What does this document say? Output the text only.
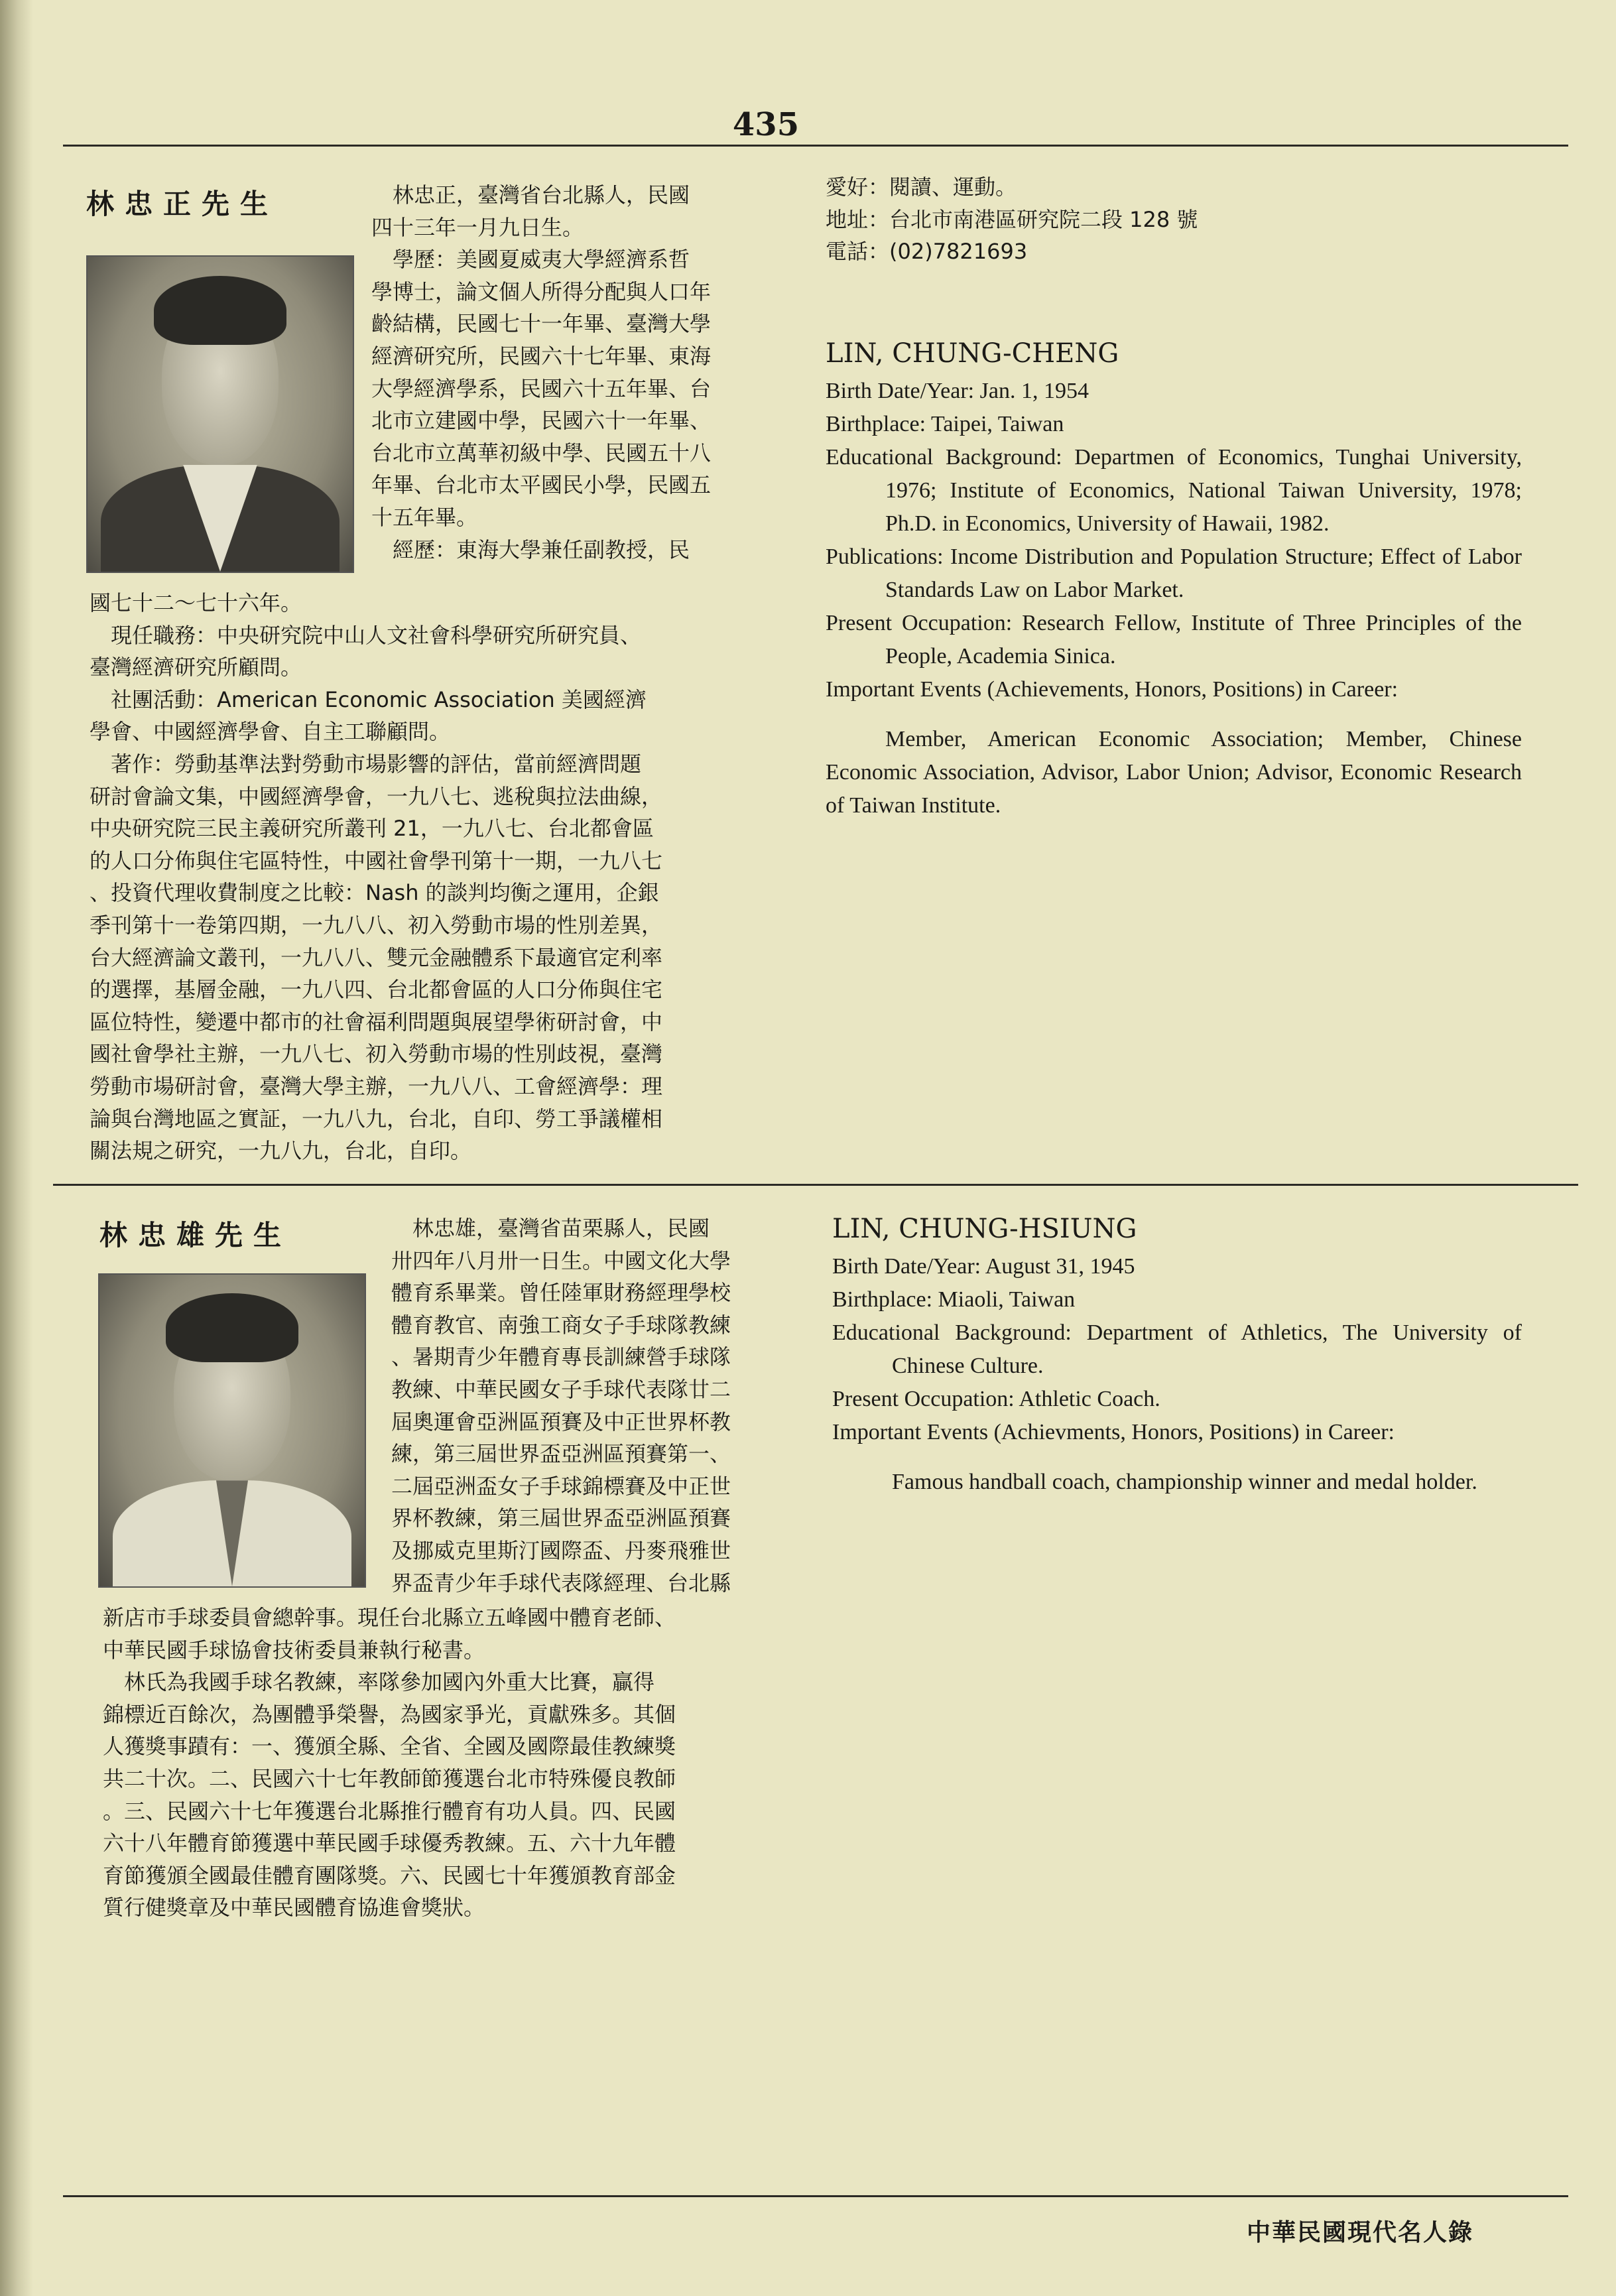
435
林忠正先生	　林忠正，臺灣省台北縣人，民國
四十三年一月九日生。
　學歷：美國夏威夷大學經濟系哲
學博士，論文個人所得分配與人口年
齡結構，民國七十一年畢、臺灣大學
經濟研究所，民國六十七年畢、東海
大學經濟學系，民國六十五年畢、台
北市立建國中學，民國六十一年畢、
台北市立萬華初級中學、民國五十八
年畢、台北市太平國民小學，民國五
十五年畢。
　經歷：東海大學兼任副教授，民
國七十二～七十六年。
　現任職務：中央研究院中山人文社會科學研究所研究員、
臺灣經濟研究所顧問。
　社團活動：American Economic Association 美國經濟
學會、中國經濟學會、自主工聯顧問。
　著作：勞動基準法對勞動市場影響的評估，當前經濟問題
研討會論文集，中國經濟學會，一九八七、逃稅與拉法曲線，
中央研究院三民主義研究所叢刊 21，一九八七、台北都會區
的人口分佈與住宅區特性，中國社會學刊第十一期，一九八七
、投資代理收費制度之比較：Nash 的談判均衡之運用，企銀
季刊第十一卷第四期，一九八八、初入勞動市場的性別差異，
台大經濟論文叢刊，一九八八、雙元金融體系下最適官定利率
的選擇，基層金融，一九八四、台北都會區的人口分佈與住宅
區位特性，變遷中都市的社會福利問題與展望學術研討會，中
國社會學社主辦，一九八七、初入勞動市場的性別歧視，臺灣
勞動市場研討會，臺灣大學主辦，一九八八、工會經濟學：理
論與台灣地區之實証，一九八九，台北，自印、勞工爭議權相
關法規之研究，一九八九，台北，自印。
愛好：閱讀、運動。
地址：台北市南港區研究院二段 128 號
電話：(02)7821693
LIN, CHUNG-CHENG

Birth Date/Year: Jan. 1, 1954

Birthplace: Taipei, Taiwan

Educational Background: Departmen of Economics, Tunghai University, 1976; Institute of Economics, National Taiwan University, 1978; Ph.D. in Economics, University of Hawaii, 1982.

Publications: Income Distribution and Population Structure; Effect of Labor Standards Law on Labor Market.

Present Occupation: Research Fellow, Institute of Three Principles of the People, Academia Sinica.

Important Events (Achievements, Honors, Positions) in Career:

Member, American Economic Association; Member, Chinese Economic Association, Advisor, Labor Union; Advisor, Economic Research of Taiwan Institute.

林忠雄先生	　林忠雄，臺灣省苗栗縣人，民國
卅四年八月卅一日生。中國文化大學
體育系畢業。曾任陸軍財務經理學校
體育教官、南強工商女子手球隊教練
、暑期青少年體育專長訓練營手球隊
教練、中華民國女子手球代表隊廿二
屆奧運會亞洲區預賽及中正世界杯教
練，第三屆世界盃亞洲區預賽第一、
二屆亞洲盃女子手球錦標賽及中正世
界杯教練，第三屆世界盃亞洲區預賽
及挪威克里斯汀國際盃、丹麥飛雅世
界盃青少年手球代表隊經理、台北縣
新店市手球委員會總幹事。現任台北縣立五峰國中體育老師、
中華民國手球協會技術委員兼執行秘書。
　林氏為我國手球名教練，率隊參加國內外重大比賽，贏得
錦標近百餘次，為團體爭榮譽，為國家爭光，貢獻殊多。其個
人獲獎事蹟有：一、獲頒全縣、全省、全國及國際最佳教練獎
共二十次。二、民國六十七年教師節獲選台北市特殊優良教師
。三、民國六十七年獲選台北縣推行體育有功人員。四、民國
六十八年體育節獲選中華民國手球優秀教練。五、六十九年體
育節獲頒全國最佳體育團隊獎。六、民國七十年獲頒教育部金
質行健獎章及中華民國體育協進會獎狀。
LIN, CHUNG-HSIUNG

Birth Date/Year: August 31, 1945

Birthplace: Miaoli, Taiwan

Educational Background: Department of Athletics, The University of Chinese Culture.

Present Occupation: Athletic Coach.

Important Events (Achievments, Honors, Positions) in Career:

Famous handball coach, championship winner and medal holder.

中華民國現代名人錄
